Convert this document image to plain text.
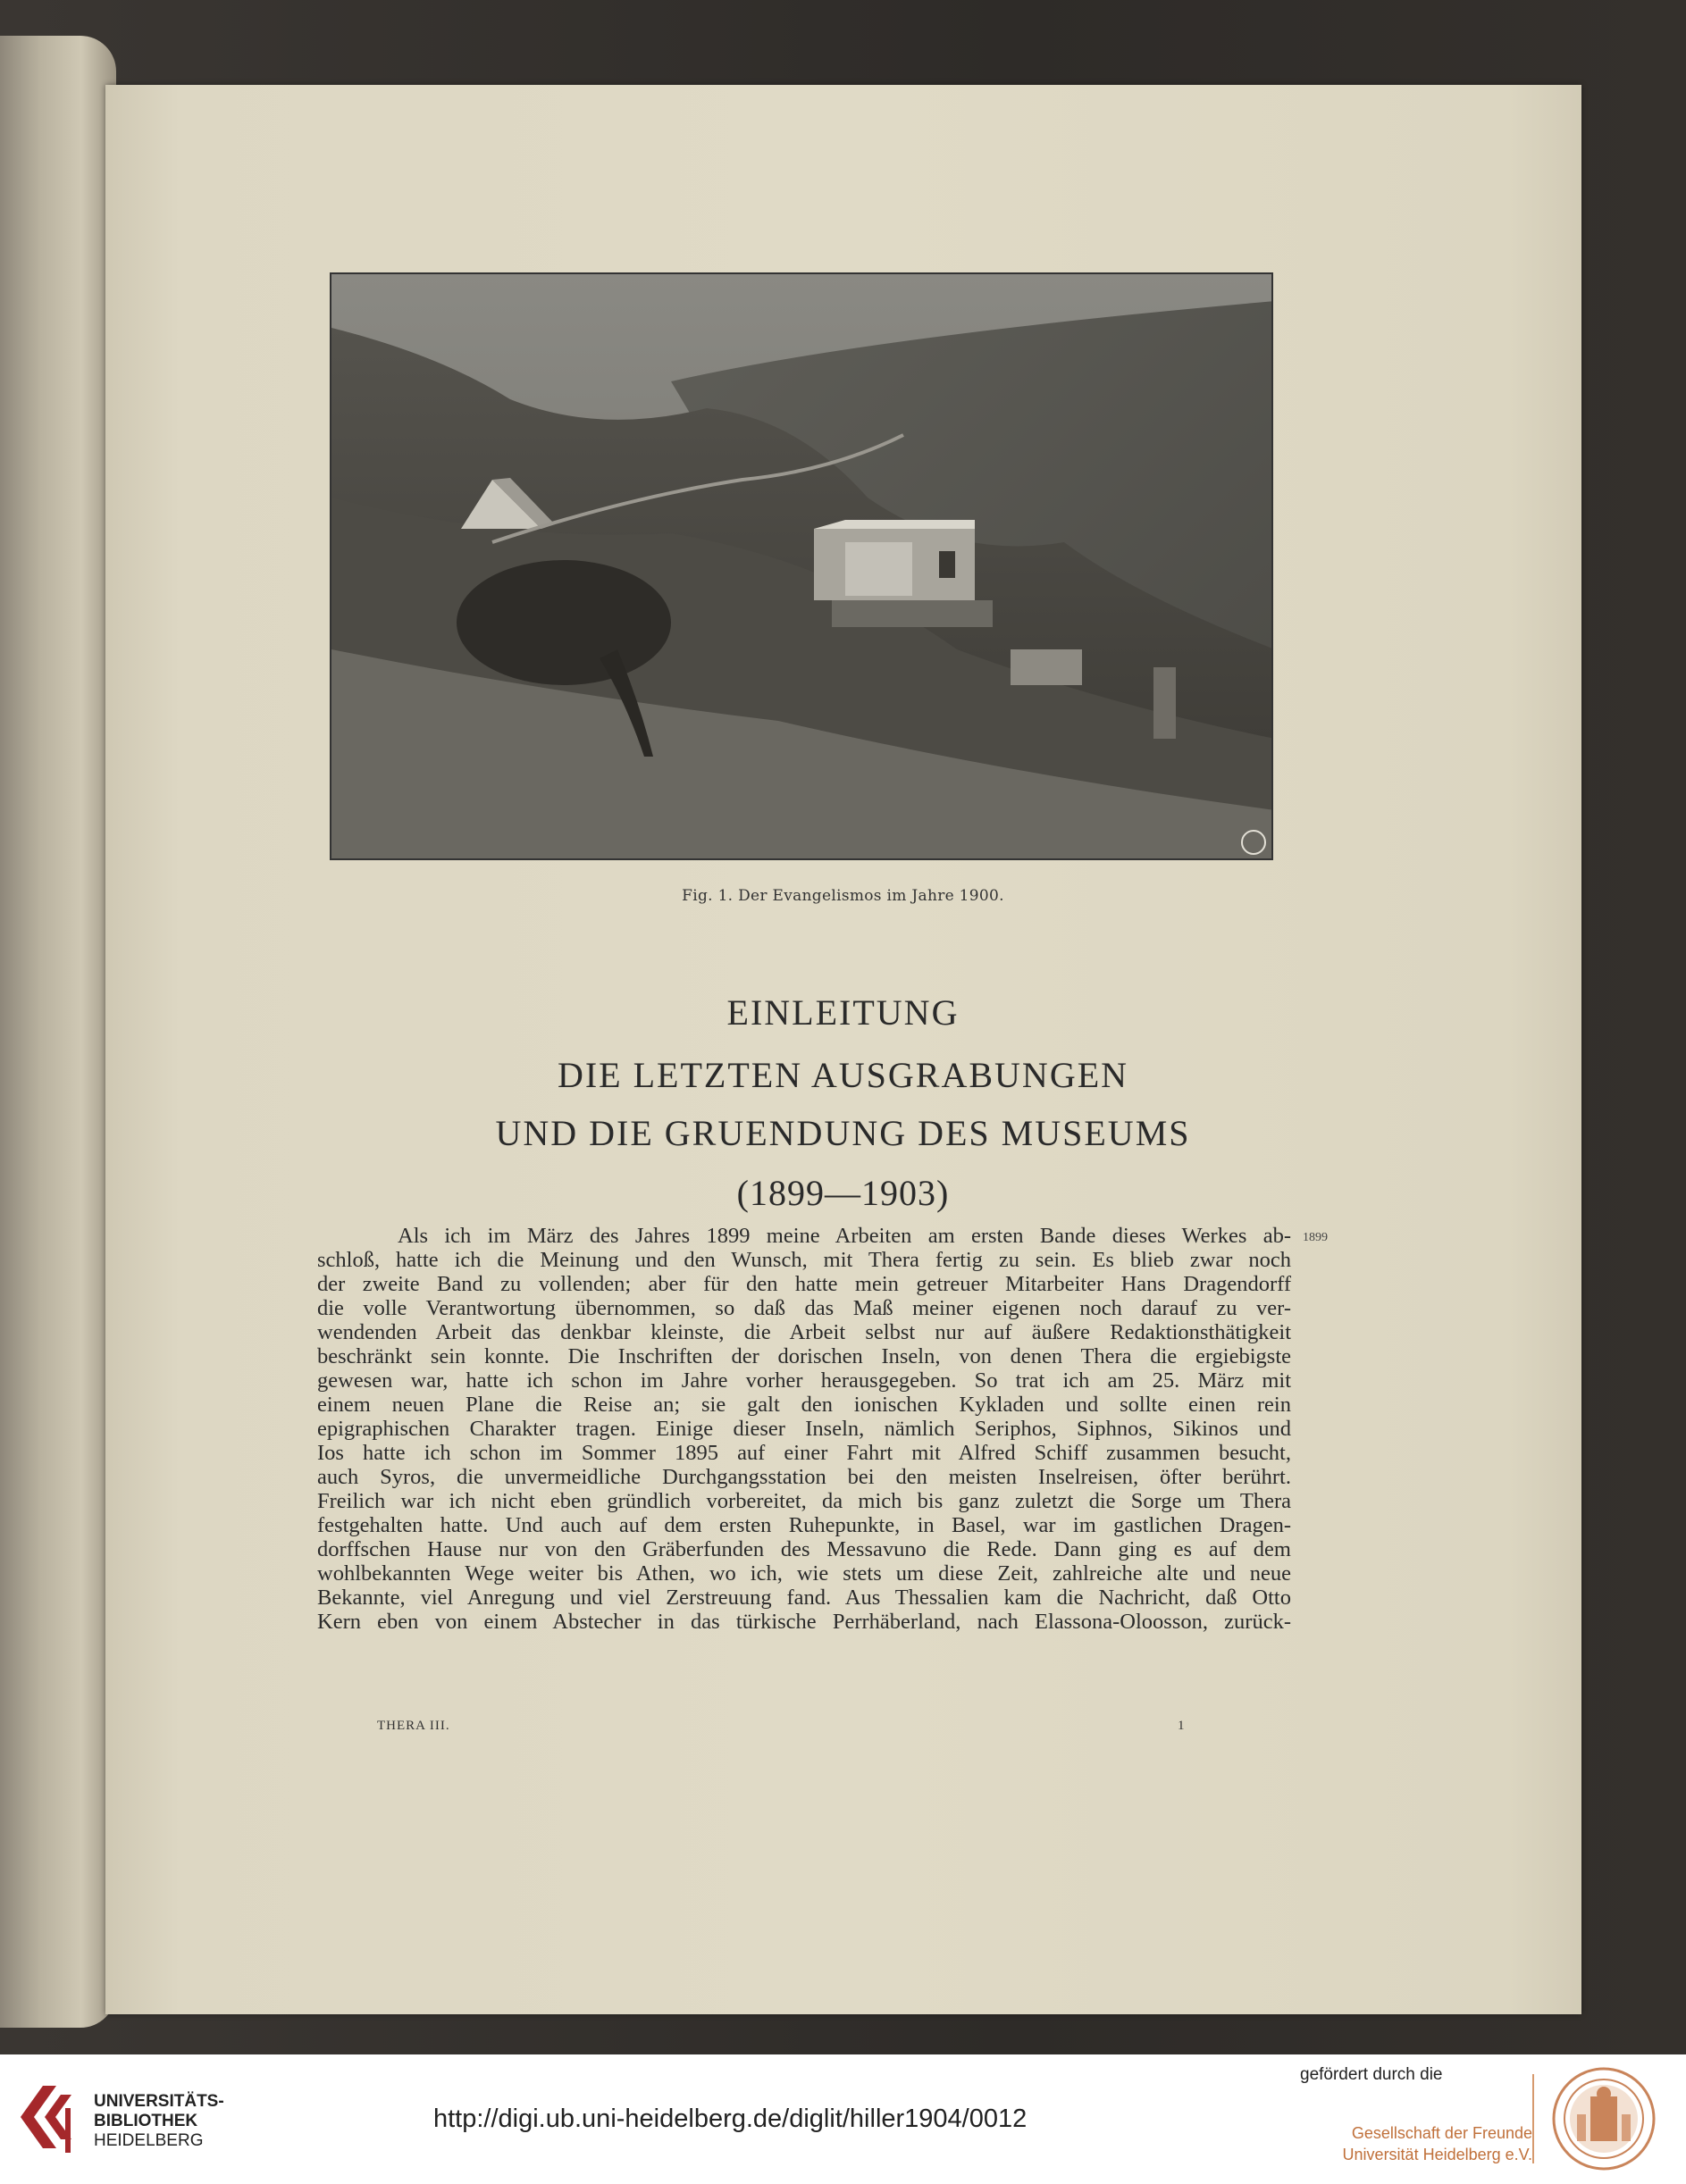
Fig. 1. Der Evangelismos im Jahre 1900.
EINLEITUNG
DIE LETZTEN AUSGRABUNGEN
UND DIE GRUENDUNG DES MUSEUMS
(1899—1903)
1899
Als ich im März des Jahres 1899 meine Arbeiten am ersten Bande dieses Werkes ab-
schloß, hatte ich die Meinung und den Wunsch, mit Thera fertig zu sein. Es blieb zwar noch
der zweite Band zu vollenden; aber für den hatte mein getreuer Mitarbeiter Hans Dragendorff
die volle Verantwortung übernommen, so daß das Maß meiner eigenen noch darauf zu ver-
wendenden Arbeit das denkbar kleinste, die Arbeit selbst nur auf äußere Redaktionsthätigkeit
beschränkt sein konnte. Die Inschriften der dorischen Inseln, von denen Thera die ergiebigste
gewesen war, hatte ich schon im Jahre vorher herausgegeben. So trat ich am 25. März mit
einem neuen Plane die Reise an; sie galt den ionischen Kykladen und sollte einen rein
epigraphischen Charakter tragen. Einige dieser Inseln, nämlich Seriphos, Siphnos, Sikinos und
Ios hatte ich schon im Sommer 1895 auf einer Fahrt mit Alfred Schiff zusammen besucht,
auch Syros, die unvermeidliche Durchgangsstation bei den meisten Inselreisen, öfter berührt.
Freilich war ich nicht eben gründlich vorbereitet, da mich bis ganz zuletzt die Sorge um Thera
festgehalten hatte. Und auch auf dem ersten Ruhepunkte, in Basel, war im gastlichen Dragen-
dorffschen Hause nur von den Gräberfunden des Messavuno die Rede. Dann ging es auf dem
wohlbekannten Wege weiter bis Athen, wo ich, wie stets um diese Zeit, zahlreiche alte und neue
Bekannte, viel Anregung und viel Zerstreuung fand. Aus Thessalien kam die Nachricht, daß Otto
Kern eben von einem Abstecher in das türkische Perrhäberland, nach Elassona-Oloosson, zurück-
THERA III.	1
UNIVERSITÄTS-
BIBLIOTHEK
HEIDELBERG
http://digi.ub.uni-heidelberg.de/diglit/hiller1904/0012
gefördert durch die
Gesellschaft der Freunde
Universität Heidelberg e.V.
